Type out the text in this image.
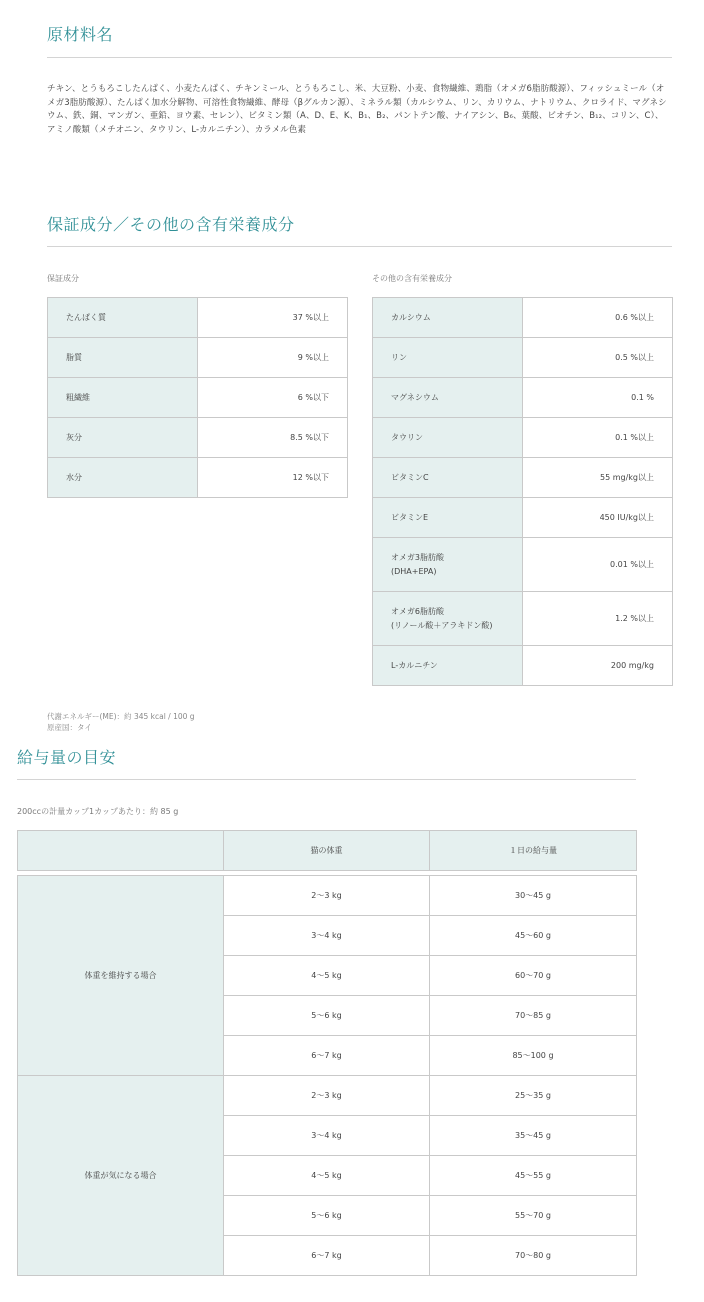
原材料名

チキン、とうもろこしたんぱく、小麦たんぱく、チキンミール、とうもろこし、米、大豆粉、小麦、食物繊維、鶏脂（オメガ6脂肪酸源）、フィッシュミール（オメガ3脂肪酸源）、たんぱく加水分解物、可溶性食物繊維、酵母（βグルカン源）、ミネラル類（カルシウム、リン、カリウム、ナトリウム、クロライド、マグネシウム、鉄、銅、マンガン、亜鉛、ヨウ素、セレン）、ビタミン類（A、D、E、K、B₁、B₂、パントテン酸、ナイアシン、B₆、葉酸、ビオチン、B₁₂、コリン、C）、アミノ酸類（メチオニン、タウリン、L-カルニチン）、カラメル色素

保証成分／その他の含有栄養成分
保証成分	その他の含有栄養成分
たんぱく質	37 %以上
脂質	9 %以上
粗繊維	6 %以下
灰分	8.5 %以下
水分	12 %以下
カルシウム	0.6 %以上
リン	0.5 %以上
マグネシウム	0.1 %
タウリン	0.1 %以上
ビタミンC	55 mg/kg以上
ビタミンE	450 IU/kg以上

オメガ3脂肪酸
(DHA+EPA)	0.01 %以上

オメガ6脂肪酸
(リノール酸＋アラキドン酸)	1.2 %以上
L-カルニチン	200 mg/kg
代謝エネルギー(ME)：約 345 kcal / 100 g
原産国：タイ
給与量の目安
200ccの計量カップ1カップあたり：約 85 g
	猫の体重	１日の給与量
体重を維持する場合	2〜3 kg	30〜45 g
	3〜4 kg	45〜60 g
	4〜5 kg	60〜70 g
	5〜6 kg	70〜85 g
	6〜7 kg	85〜100 g
体重が気になる場合	2〜3 kg	25〜35 g
	3〜4 kg	35〜45 g
	4〜5 kg	45〜55 g
	5〜6 kg	55〜70 g
	6〜7 kg	70〜80 g
